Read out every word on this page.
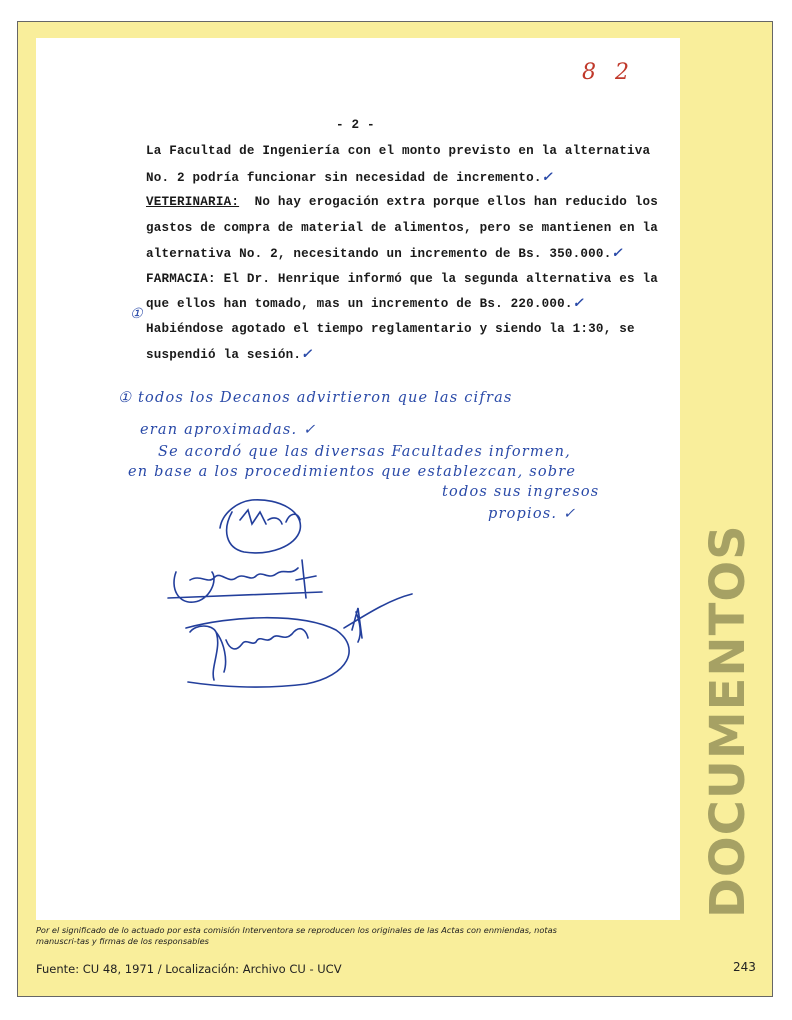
8 2
- 2 -
La Facultad de Ingeniería con el monto previsto en la alternativa
No. 2 podría funcionar sin necesidad de incremento.✓
VETERINARIA:  No hay erogación extra porque ellos han reducido los
gastos de compra de material de alimentos, pero se mantienen en la
alternativa No. 2, necesitando un incremento de Bs. 350.000.✓
FARMACIA: El Dr. Henrique informó que la segunda alternativa es la
que ellos han tomado, mas un incremento de Bs. 220.000.✓
①
Habiéndose agotado el tiempo reglamentario y siendo la 1:30, se
suspendió la sesión.✓
① todos los Decanos advirtieron que las cifras
eran aproximadas. ✓
Se acordó que las diversas Facultades informen,
en base a los procedimientos que establezcan, sobre
todos sus ingresos
propios. ✓
DOCUMENTOS
Por el significado de lo actuado por esta comisión Interventora se reproducen los originales de las Actas con enmiendas, notas manuscri-tas y firmas de los responsables
Fuente: CU 48, 1971 / Localización: Archivo CU - UCV	243
